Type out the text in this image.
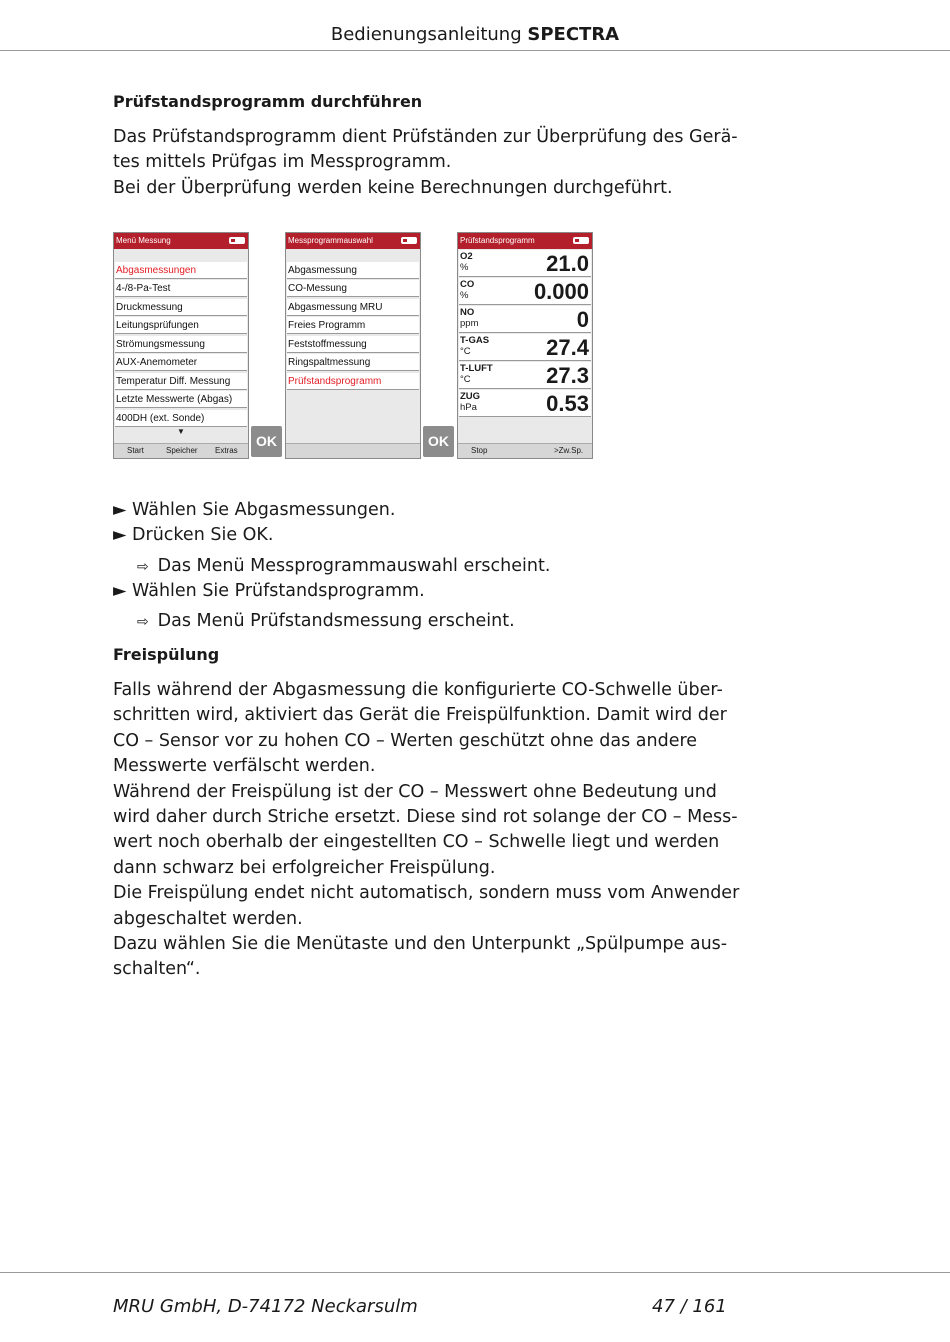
Bedienungsanleitung SPECTRA
Prüfstandsprogramm durchführen
Das Prüfstandsprogramm dient Prüfständen zur Überprüfung des Gerä-
tes mittels Prüfgas im Messprogramm.
Bei der Überprüfung werden keine Berechnungen durchgeführt.
Menü Messung
Abgasmessungen
4-/8-Pa-Test
Druckmessung
Leitungsprüfungen
Strömungsmessung
AUX-Anemometer
Temperatur Diff. Messung
Letzte Messwerte (Abgas)
400DH (ext. Sonde)
▼
Start	Speicher Extras
OK
Messprogrammauswahl
Abgasmessung
CO-Messung
Abgasmessung MRU
Freies Programm
Feststoffmessung
Ringspaltmessung
Prüfstandsprogramm
OK
Prüfstandsprogramm
O2
%	21.0
CO
%	0.000
NO
ppm	0
T-GAS
°C	27.4
T-LUFT
°C	27.3
ZUG
hPa	0.53
Stop	>Zw.Sp.
► Wählen Sie Abgasmessungen.
► Drücken Sie OK.
⇨  Das Menü Messprogrammauswahl erscheint.
► Wählen Sie Prüfstandsprogramm.
⇨  Das Menü Prüfstandsmessung erscheint.
Freispülung
Falls während der Abgasmessung die konfigurierte CO-Schwelle über-
schritten wird, aktiviert das Gerät die Freispülfunktion. Damit wird der
CO – Sensor vor zu hohen CO – Werten geschützt ohne das andere
Messwerte verfälscht werden.
Während der Freispülung ist der CO – Messwert ohne Bedeutung und
wird daher durch Striche ersetzt. Diese sind rot solange der CO – Mess-
wert noch oberhalb der eingestellten CO – Schwelle liegt und werden
dann schwarz bei erfolgreicher Freispülung.
Die Freispülung endet nicht automatisch, sondern muss vom Anwender
abgeschaltet werden.
Dazu wählen Sie die Menütaste und den Unterpunkt „Spülpumpe aus-
schalten“.
MRU GmbH, D-74172 Neckarsulm	47 / 161
